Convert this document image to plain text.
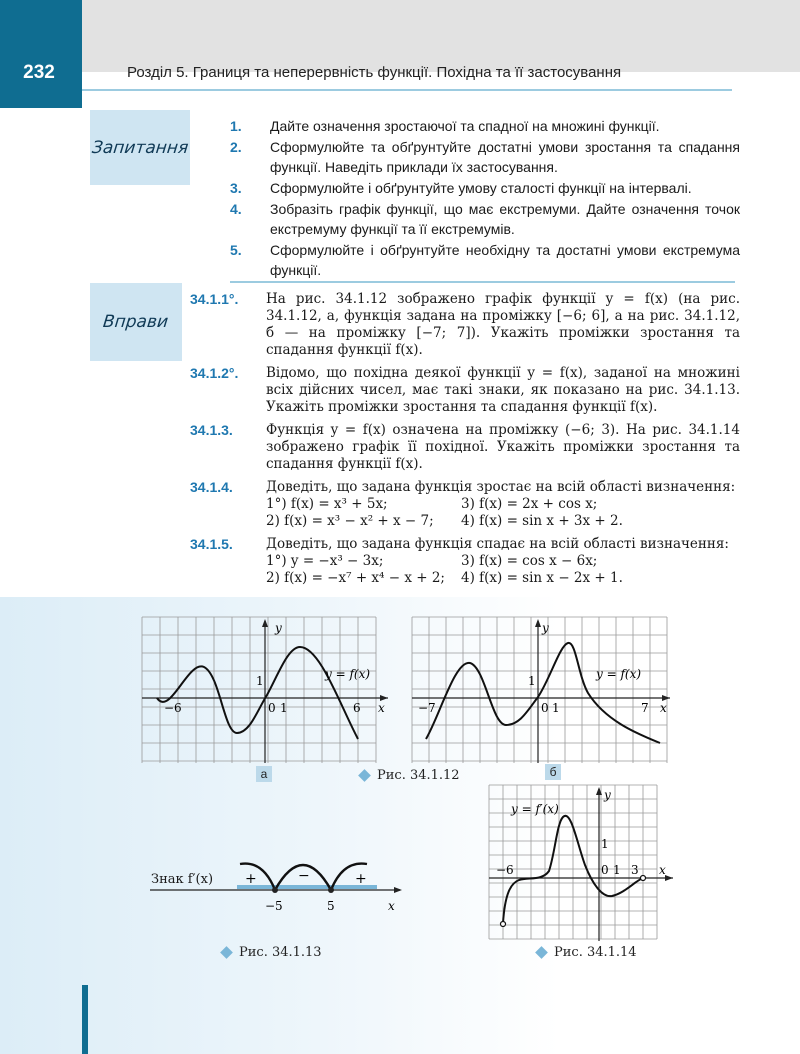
232	Розділ 5. Границя та неперервність функції. Похідна та її застосування
Запитання
1.	Дайте означення зростаючої та спадної на множині функції.
2.	Сформулюйте та обґрунтуйте достатні умови зростання та спадання функції. Наведіть приклади їх застосування.
3.	Сформулюйте і обґрунтуйте умову сталості функції на інтервалі.
4.	Зобразіть графік функції, що має екстремуми. Дайте означення точок екстремуму функції та її екстремумів.
5.	Сформулюйте і обґрунтуйте необхідну та достатні умови екстремума функції.
Вправи
34.1.1°.	На рис. 34.1.12 зображено графік функції y = f(x) (на рис. 34.1.12, а, функція задана на проміжку [−6; 6], а на рис. 34.1.12, б — на проміжку [−7; 7]). Укажіть проміжки зростання та спадання функції f(x).
34.1.2°.	Відомо, що похідна деякої функції y = f(x), заданої на множині всіх дійсних чисел, має такі знаки, як показано на рис. 34.1.13. Укажіть проміжки зростання та спадання функції f(x).
34.1.3.	Функція y = f(x) означена на проміжку (−6; 3). На рис. 34.1.14 зображено графік її похідної. Укажіть проміжки зростання та спадання функції f(x).
34.1.4.	Доведіть, що задана функція зростає на всій області визначення:
1°) f(x) = x³ + 5x;	3) f(x) = 2x + cos x;
2) f(x) = x³ − x² + x − 7;	4) f(x) = sin x + 3x + 2.
34.1.5.	Доведіть, що задана функція спадає на всій області визначення:
1°) y = −x³ − 3x;	3) f(x) = cos x − 6x;
2) f(x) = −x⁷ + x⁴ − x + 2;	4) f(x) = sin x − 2x + 1.
y = f(x)
y
x
−6	6
0 1
1
а
y = f(x)
y
x
−7	7
0 1
1
б
Рис. 34.1.12
+	−	+
−5	5	x
Знак f′(x)
Рис. 34.1.13
y = f′(x)
y
x
−6	0 1 3
1
Рис. 34.1.14
